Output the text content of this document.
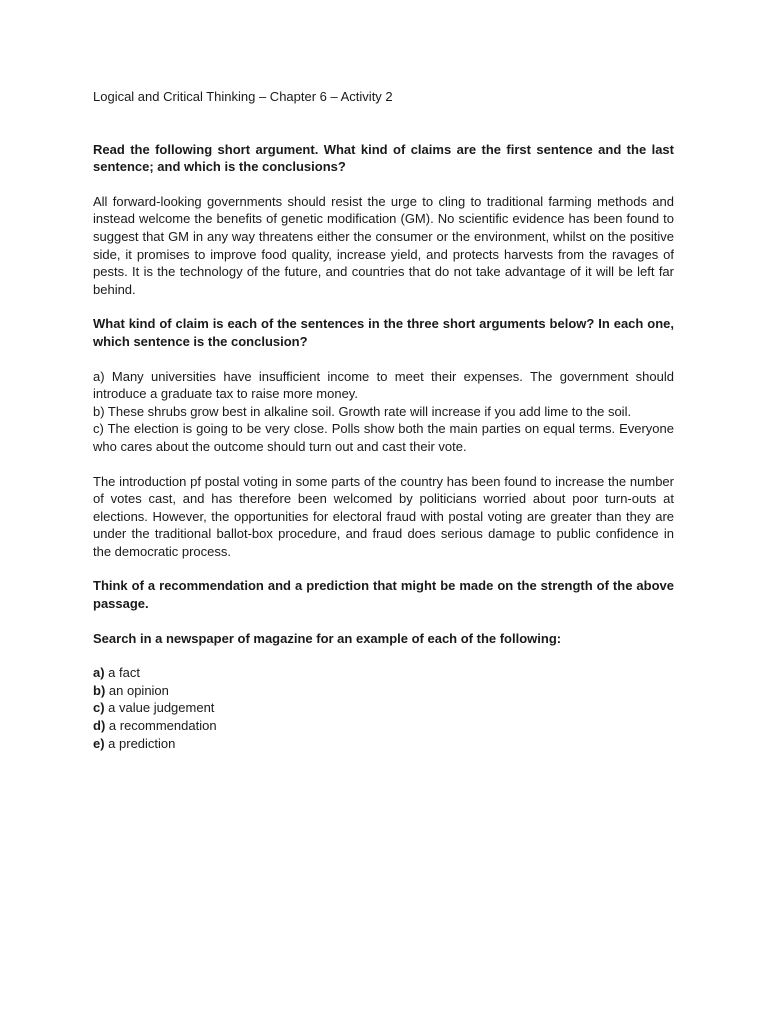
Logical and Critical Thinking – Chapter 6 – Activity 2

Read the following short argument. What kind of claims are the first sentence and the last sentence; and which is the conclusions?

All forward-looking governments should resist the urge to cling to traditional farming methods and instead welcome the benefits of genetic modification (GM). No scientific evidence has been found to suggest that GM in any way threatens either the consumer or the environment, whilst on the positive side, it promises to improve food quality, increase yield, and protects harvests from the ravages of pests. It is the technology of the future, and countries that do not take advantage of it will be left far behind.

What kind of claim is each of the sentences in the three short arguments below? In each one, which sentence is the conclusion?

a) Many universities have insufficient income to meet their expenses. The government should introduce a graduate tax to raise more money.

b) These shrubs grow best in alkaline soil. Growth rate will increase if you add lime to the soil.

c) The election is going to be very close. Polls show both the main parties on equal terms. Everyone who cares about the outcome should turn out and cast their vote.

The introduction pf postal voting in some parts of the country has been found to increase the number of votes cast, and has therefore been welcomed by politicians worried about poor turn-outs at elections. However, the opportunities for electoral fraud with postal voting are greater than they are under the traditional ballot-box procedure, and fraud does serious damage to public confidence in the democratic process.

Think of a recommendation and a prediction that might be made on the strength of the above passage.

Search in a newspaper of magazine for an example of each of the following:

a) a fact

b) an opinion

c) a value judgement

d) a recommendation

e) a prediction
